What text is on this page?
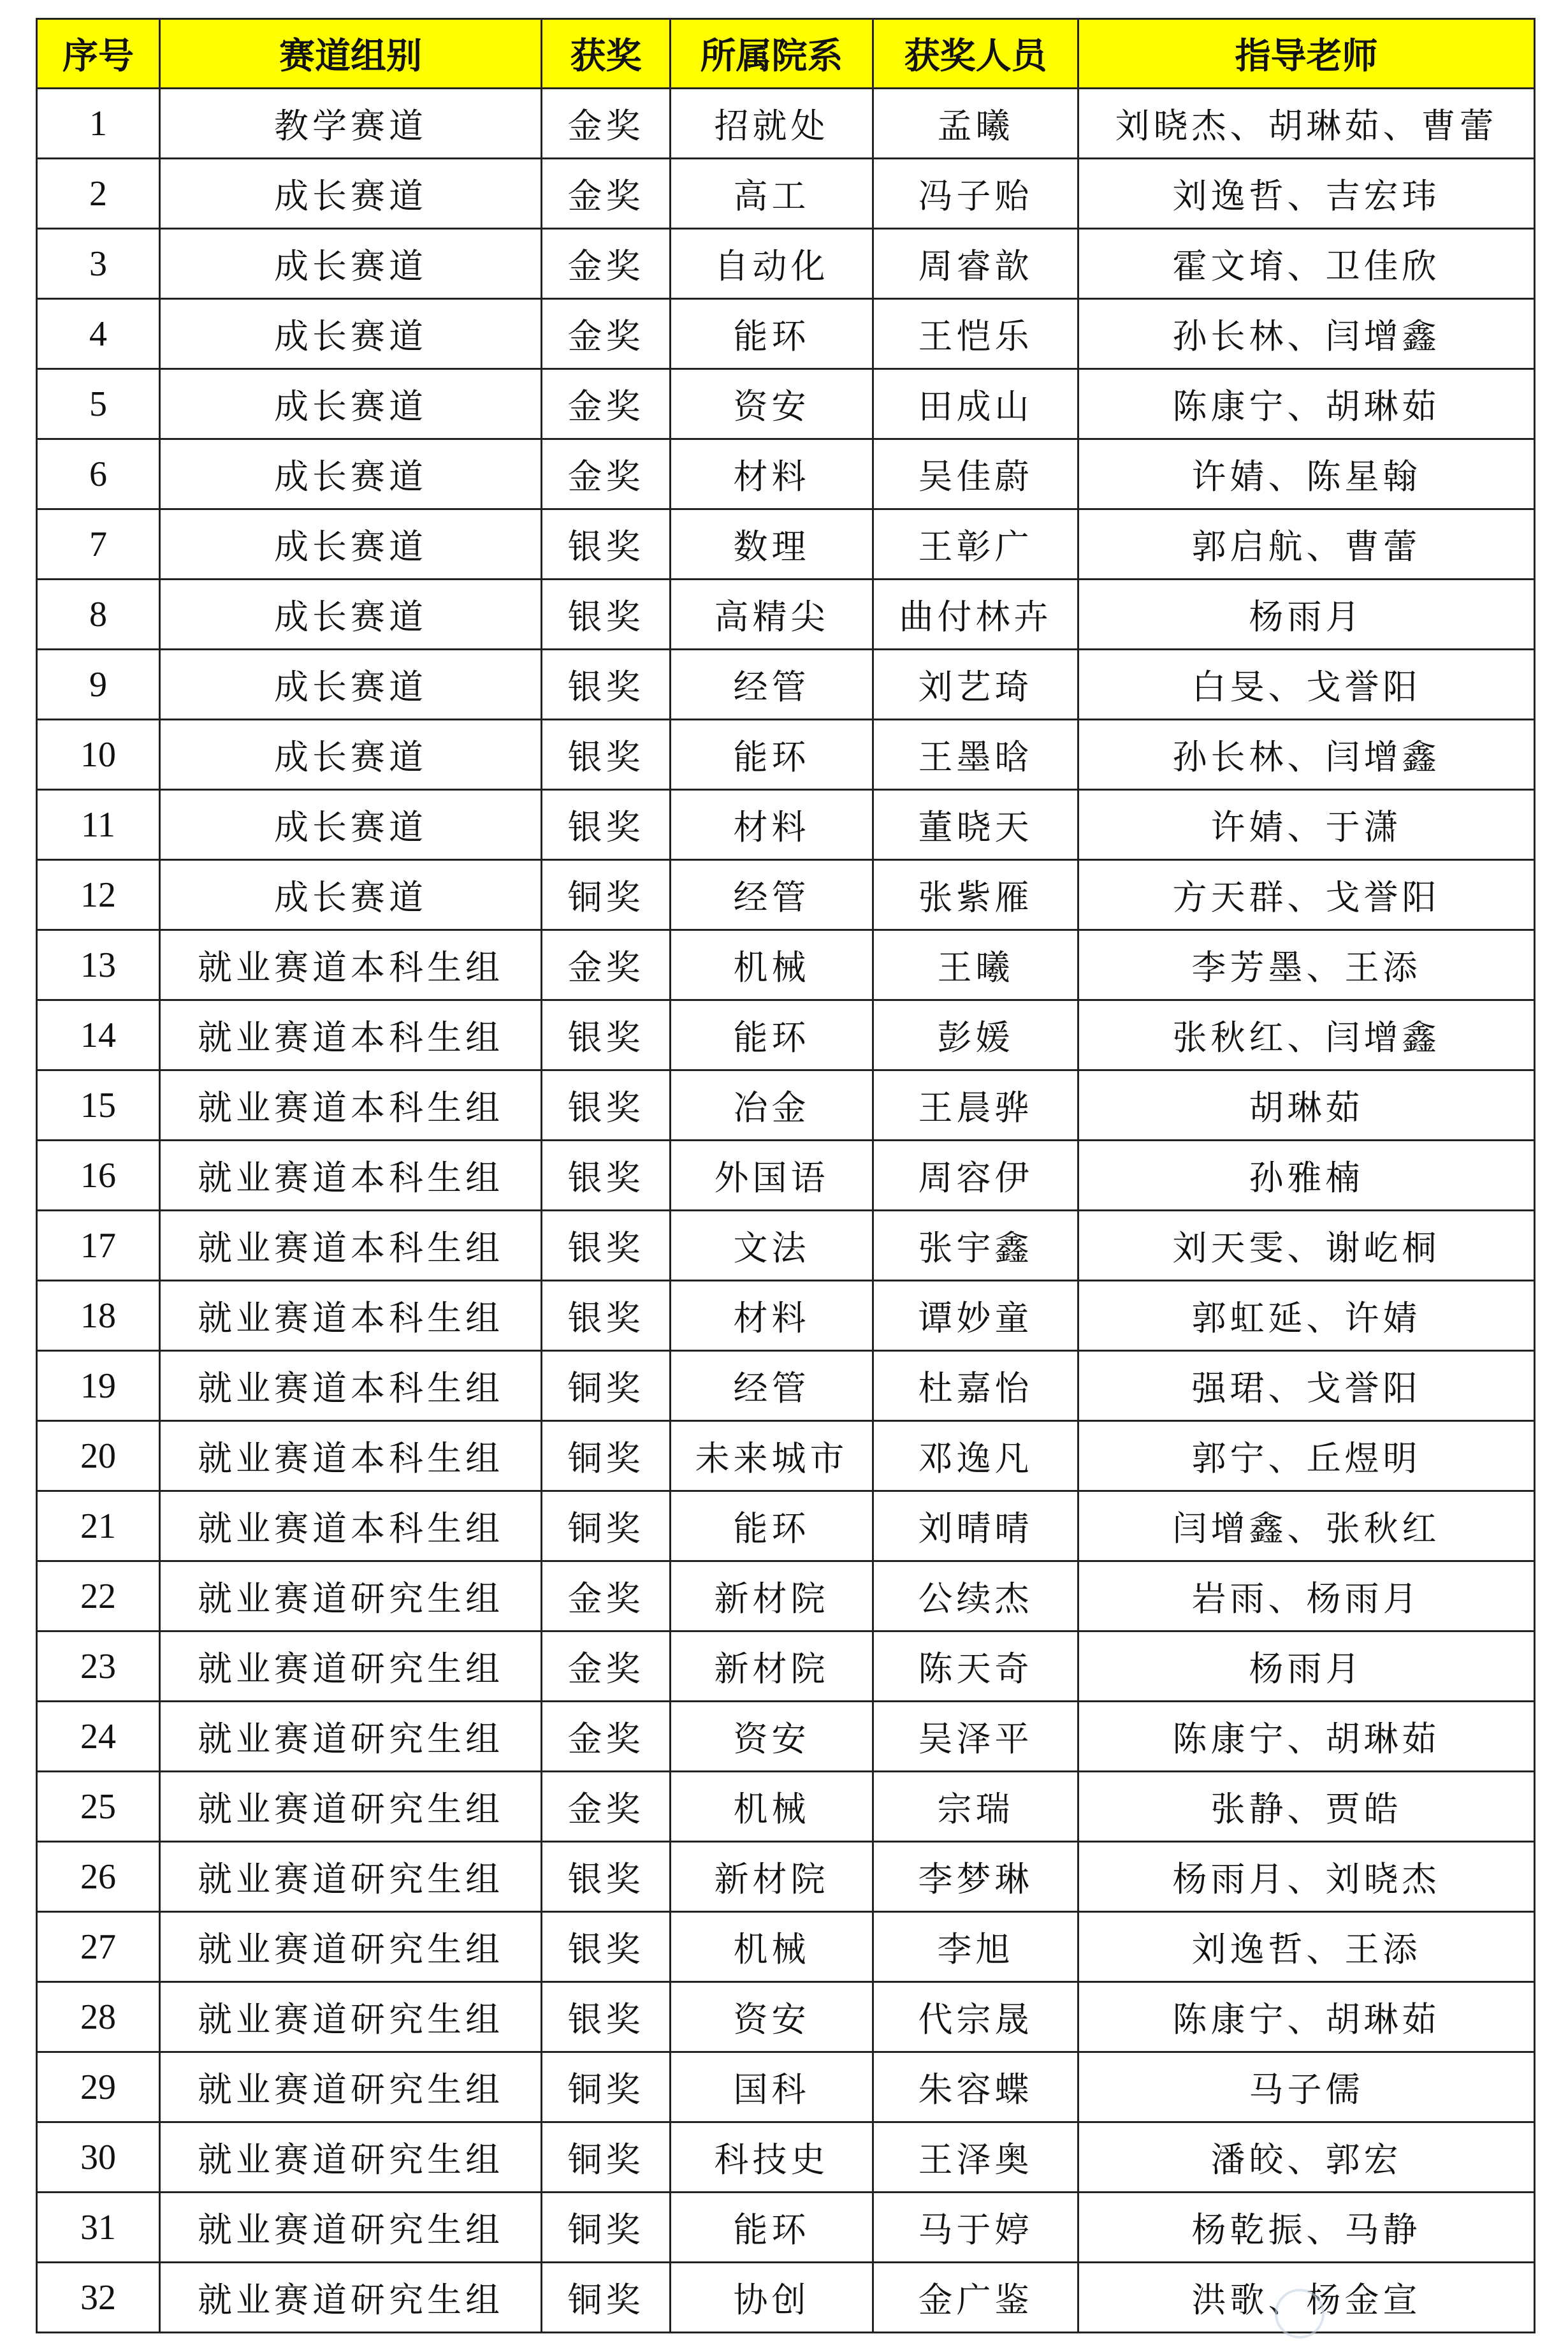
序号	赛道组别	获奖	所属院系	获奖人员	指导老师
1	教学赛道	金奖	招就处	孟曦	刘晓杰、胡琳茹、曹蕾
2	成长赛道	金奖	高工	冯子贻	刘逸哲、吉宏玮
3	成长赛道	金奖	自动化	周睿歆	霍文堉、卫佳欣
4	成长赛道	金奖	能环	王恺乐	孙长林、闫增鑫
5	成长赛道	金奖	资安	田成山	陈康宁、胡琳茹
6	成长赛道	金奖	材料	吴佳蔚	许婧、陈星翰
7	成长赛道	银奖	数理	王彰广	郭启航、曹蕾
8	成长赛道	银奖	高精尖	曲付林卉	杨雨月
9	成长赛道	银奖	经管	刘艺琦	白旻、戈誉阳
10	成长赛道	银奖	能环	王墨晗	孙长林、闫增鑫
11	成长赛道	银奖	材料	董晓天	许婧、于潇
12	成长赛道	铜奖	经管	张紫雁	方天群、戈誉阳
13	就业赛道本科生组	金奖	机械	王曦	李芳墨、王添
14	就业赛道本科生组	银奖	能环	彭媛	张秋红、闫增鑫
15	就业赛道本科生组	银奖	冶金	王晨骅	胡琳茹
16	就业赛道本科生组	银奖	外国语	周容伊	孙雅楠
17	就业赛道本科生组	银奖	文法	张宇鑫	刘天雯、谢屹桐
18	就业赛道本科生组	银奖	材料	谭妙童	郭虹延、许婧
19	就业赛道本科生组	铜奖	经管	杜嘉怡	强珺、戈誉阳
20	就业赛道本科生组	铜奖	未来城市	邓逸凡	郭宁、丘煜明
21	就业赛道本科生组	铜奖	能环	刘晴晴	闫增鑫、张秋红
22	就业赛道研究生组	金奖	新材院	公续杰	岩雨、杨雨月
23	就业赛道研究生组	金奖	新材院	陈天奇	杨雨月
24	就业赛道研究生组	金奖	资安	吴泽平	陈康宁、胡琳茹
25	就业赛道研究生组	金奖	机械	宗瑞	张静、贾皓
26	就业赛道研究生组	银奖	新材院	李梦琳	杨雨月、刘晓杰
27	就业赛道研究生组	银奖	机械	李旭	刘逸哲、王添
28	就业赛道研究生组	银奖	资安	代宗晟	陈康宁、胡琳茹
29	就业赛道研究生组	铜奖	国科	朱容蝶	马子儒
30	就业赛道研究生组	铜奖	科技史	王泽奥	潘皎、郭宏
31	就业赛道研究生组	铜奖	能环	马于婷	杨乾振、马静
32	就业赛道研究生组	铜奖	协创	金广鉴	洪歌、杨金宣
